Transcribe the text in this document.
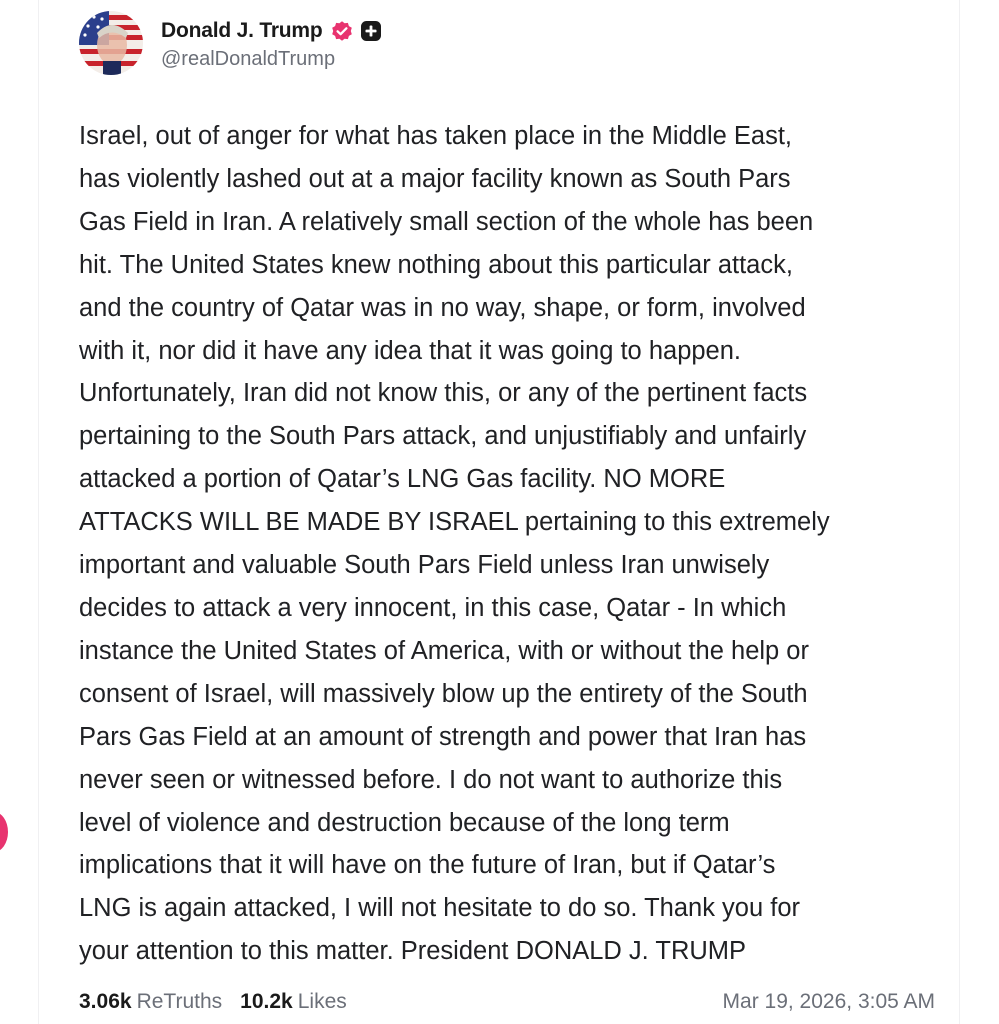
Donald J. Trump
@realDonaldTrump
Israel, out of anger for what has taken place in the Middle East,
has violently lashed out at a major facility known as South Pars
Gas Field in Iran. A relatively small section of the whole has been
hit. The United States knew nothing about this particular attack,
and the country of Qatar was in no way, shape, or form, involved
with it, nor did it have any idea that it was going to happen.
Unfortunately, Iran did not know this, or any of the pertinent facts
pertaining to the South Pars attack, and unjustifiably and unfairly
attacked a portion of Qatar’s LNG Gas facility. NO MORE
ATTACKS WILL BE MADE BY ISRAEL pertaining to this extremely
important and valuable South Pars Field unless Iran unwisely
decides to attack a very innocent, in this case, Qatar - In which
instance the United States of America, with or without the help or
consent of Israel, will massively blow up the entirety of the South
Pars Gas Field at an amount of strength and power that Iran has
never seen or witnessed before. I do not want to authorize this
level of violence and destruction because of the long term
implications that it will have on the future of Iran, but if Qatar’s
LNG is again attacked, I will not hesitate to do so. Thank you for
your attention to this matter. President DONALD J. TRUMP
3.06k ReTruths 10.2k Likes	Mar 19, 2026, 3:05 AM
